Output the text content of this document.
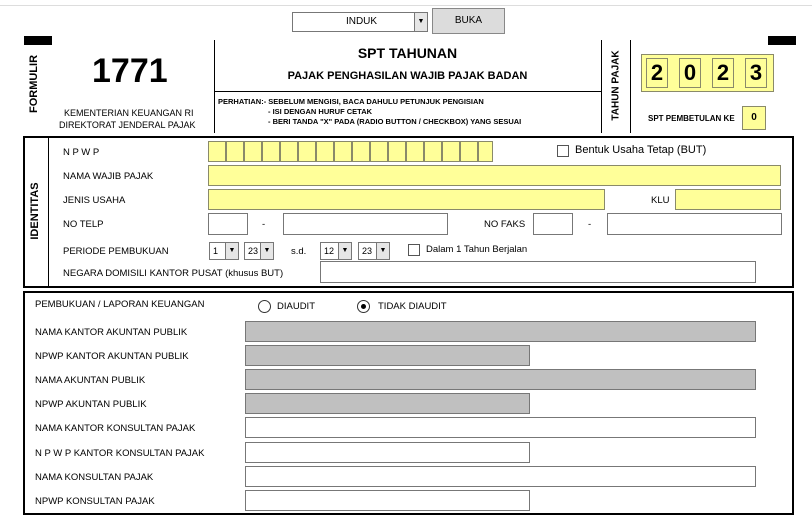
INDUK	▼	BUKA
FORMULIR 1771
KEMENTERIAN KEUANGAN RI
DIREKTORAT JENDERAL PAJAK
SPT TAHUNAN
PAJAK PENGHASILAN WAJIB PAJAK BADAN
PERHATIAN:- SEBELUM MENGISI, BACA DAHULU PETUNJUK PENGISIAN
- ISI DENGAN HURUF CETAK
- BERI TANDA "X" PADA (RADIO BUTTON / CHECKBOX) YANG SESUAI
TAHUN PAJAK 2 0 2 3
SPT PEMBETULAN KE	0
IDENTITAS
N P W P	Bentuk Usaha Tetap (BUT)
NAMA WAJIB PAJAK
JENIS USAHA	KLU
NO TELP	-	NO FAKS	-
PERIODE PEMBUKUAN	1	▼	23 ▼ s.d.	12	▼	23	▼	Dalam 1 Tahun Berjalan
NEGARA DOMISILI KANTOR PUSAT (khusus BUT)
PEMBUKUAN / LAPORAN KEUANGAN	DIAUDIT	TIDAK DIAUDIT
NAMA KANTOR AKUNTAN PUBLIK
NPWP KANTOR AKUNTAN PUBLIK
NAMA AKUNTAN PUBLIK
NPWP AKUNTAN PUBLIK
NAMA KANTOR KONSULTAN PAJAK
N P W P KANTOR KONSULTAN PAJAK
NAMA KONSULTAN PAJAK
NPWP KONSULTAN PAJAK
